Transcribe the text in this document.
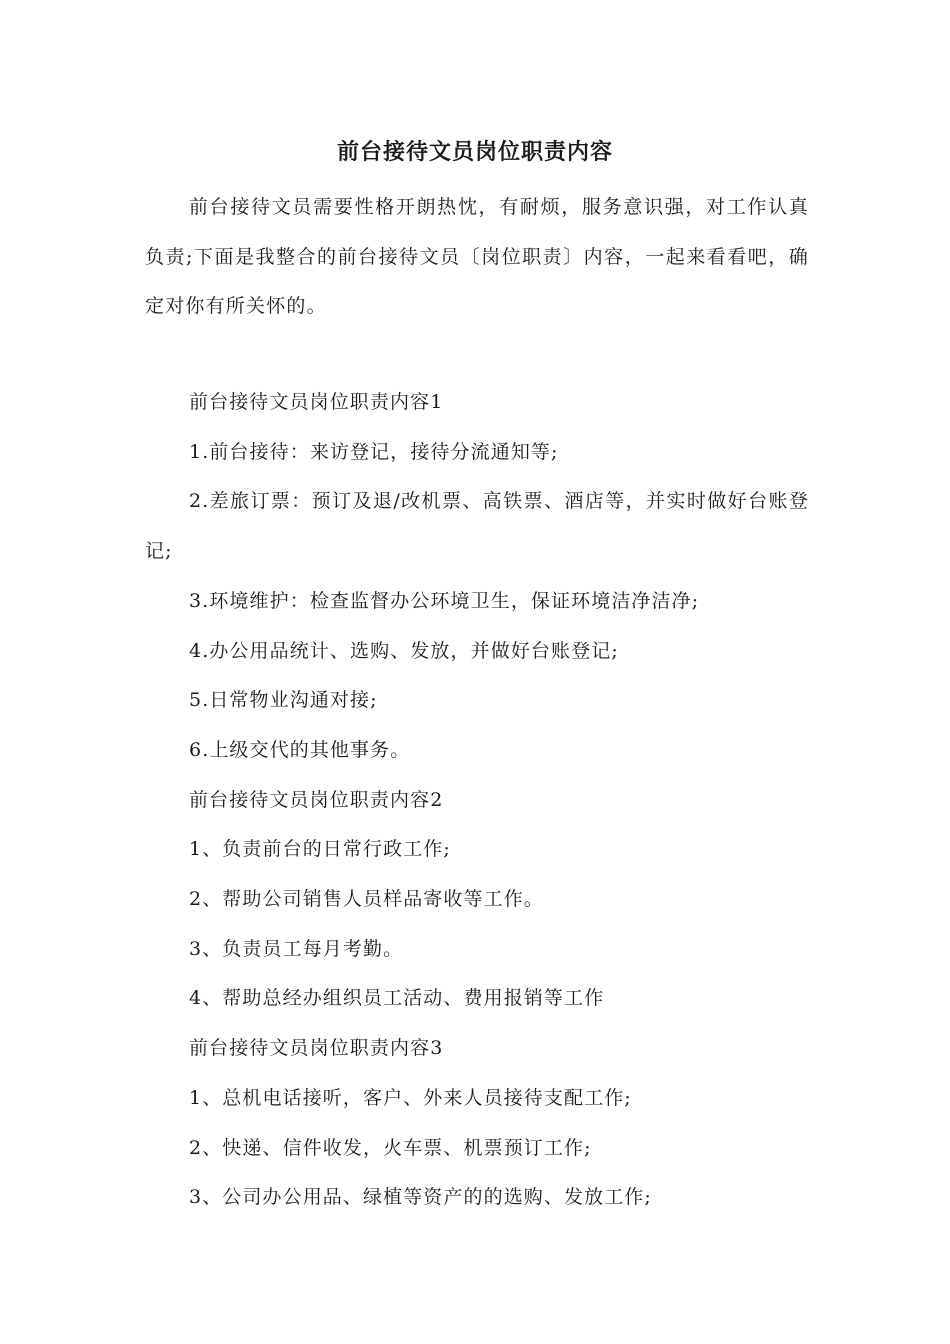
前台接待文员岗位职责内容

前台接待文员需要性格开朗热忱，有耐烦，服务意识强，对工作认真负责;下面是我整合的前台接待文员〔岗位职责〕内容，一起来看看吧，确定对你有所关怀的。

前台接待文员岗位职责内容1

1.前台接待：来访登记，接待分流通知等;

2.差旅订票：预订及退/改机票、高铁票、酒店等，并实时做好台账登记;

3.环境维护：检查监督办公环境卫生，保证环境洁净洁净;

4.办公用品统计、选购、发放，并做好台账登记;

5.日常物业沟通对接;

6.上级交代的其他事务。

前台接待文员岗位职责内容2

1、负责前台的日常行政工作;

2、帮助公司销售人员样品寄收等工作。

3、负责员工每月考勤。

4、帮助总经办组织员工活动、费用报销等工作

前台接待文员岗位职责内容3

1、总机电话接听，客户、外来人员接待支配工作;

2、快递、信件收发，火车票、机票预订工作;

3、公司办公用品、绿植等资产的的选购、发放工作;
